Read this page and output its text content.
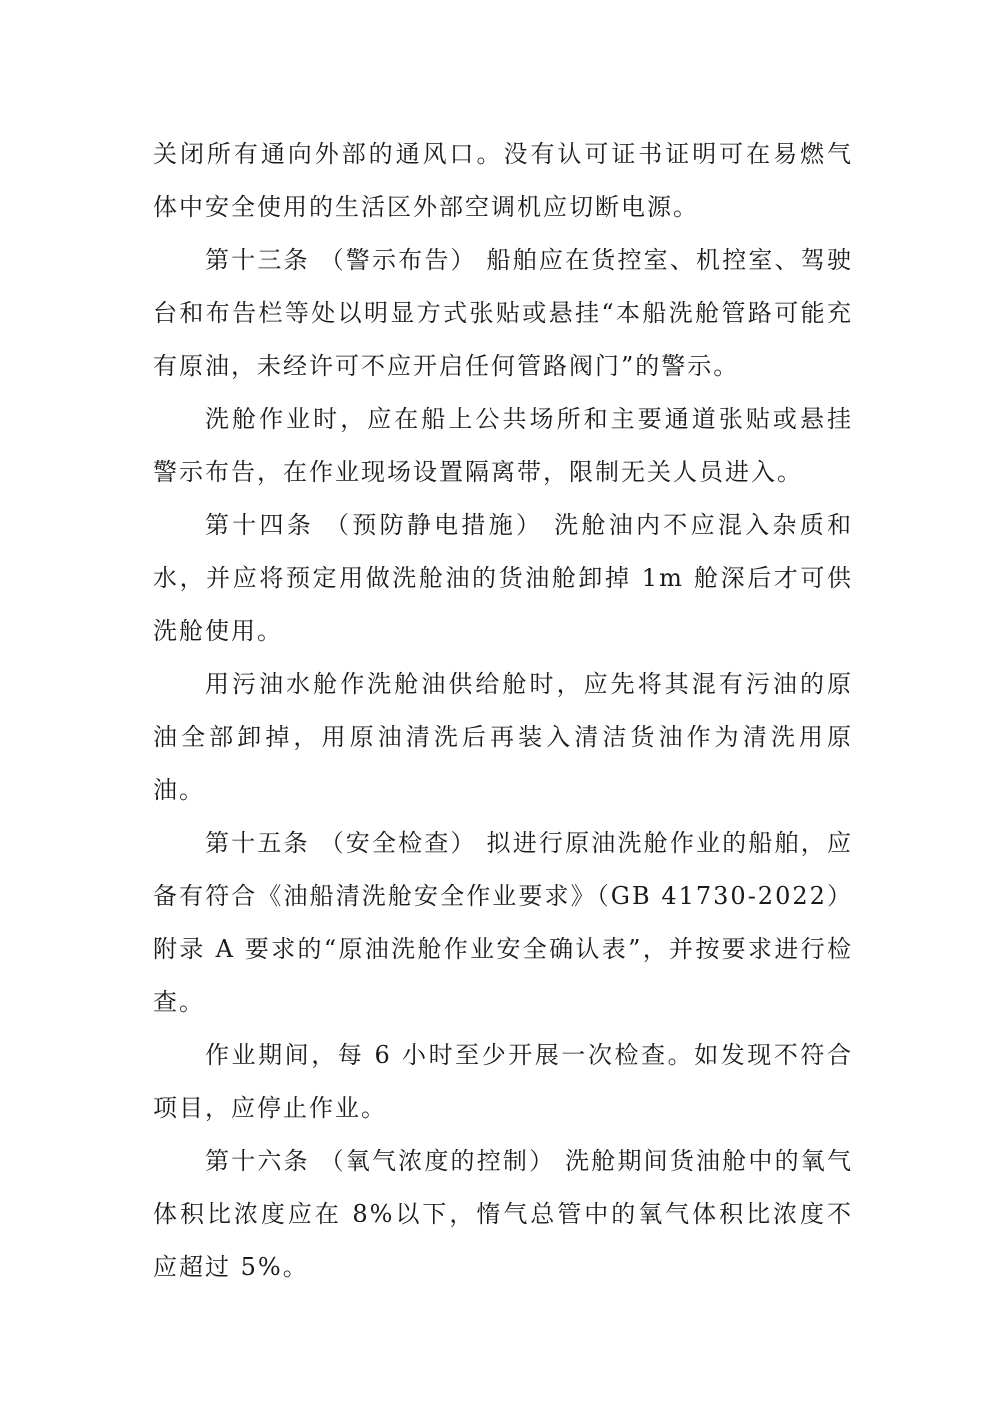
关闭所有通向外部的通风口。没有认可证书证明可在易燃气体中安全使用的生活区外部空调机应切断电源。

第十三条 （警示布告） 船舶应在货控室、机控室、驾驶台和布告栏等处以明显方式张贴或悬挂“本船洗舱管路可能充有原油，未经许可不应开启任何管路阀门”的警示。

洗舱作业时，应在船上公共场所和主要通道张贴或悬挂警示布告，在作业现场设置隔离带，限制无关人员进入。

第十四条 （预防静电措施） 洗舱油内不应混入杂质和水，并应将预定用做洗舱油的货油舱卸掉 1m 舱深后才可供洗舱使用。

用污油水舱作洗舱油供给舱时，应先将其混有污油的原油全部卸掉，用原油清洗后再装入清洁货油作为清洗用原油。

第十五条 （安全检查） 拟进行原油洗舱作业的船舶，应备有符合《油船清洗舱安全作业要求》（GB 41730-2022）附录 A 要求的“原油洗舱作业安全确认表”，并按要求进行检查。

作业期间，每 6 小时至少开展一次检查。如发现不符合项目，应停止作业。

第十六条 （氧气浓度的控制） 洗舱期间货油舱中的氧气体积比浓度应在 8%以下，惰气总管中的氧气体积比浓度不应超过 5%。
